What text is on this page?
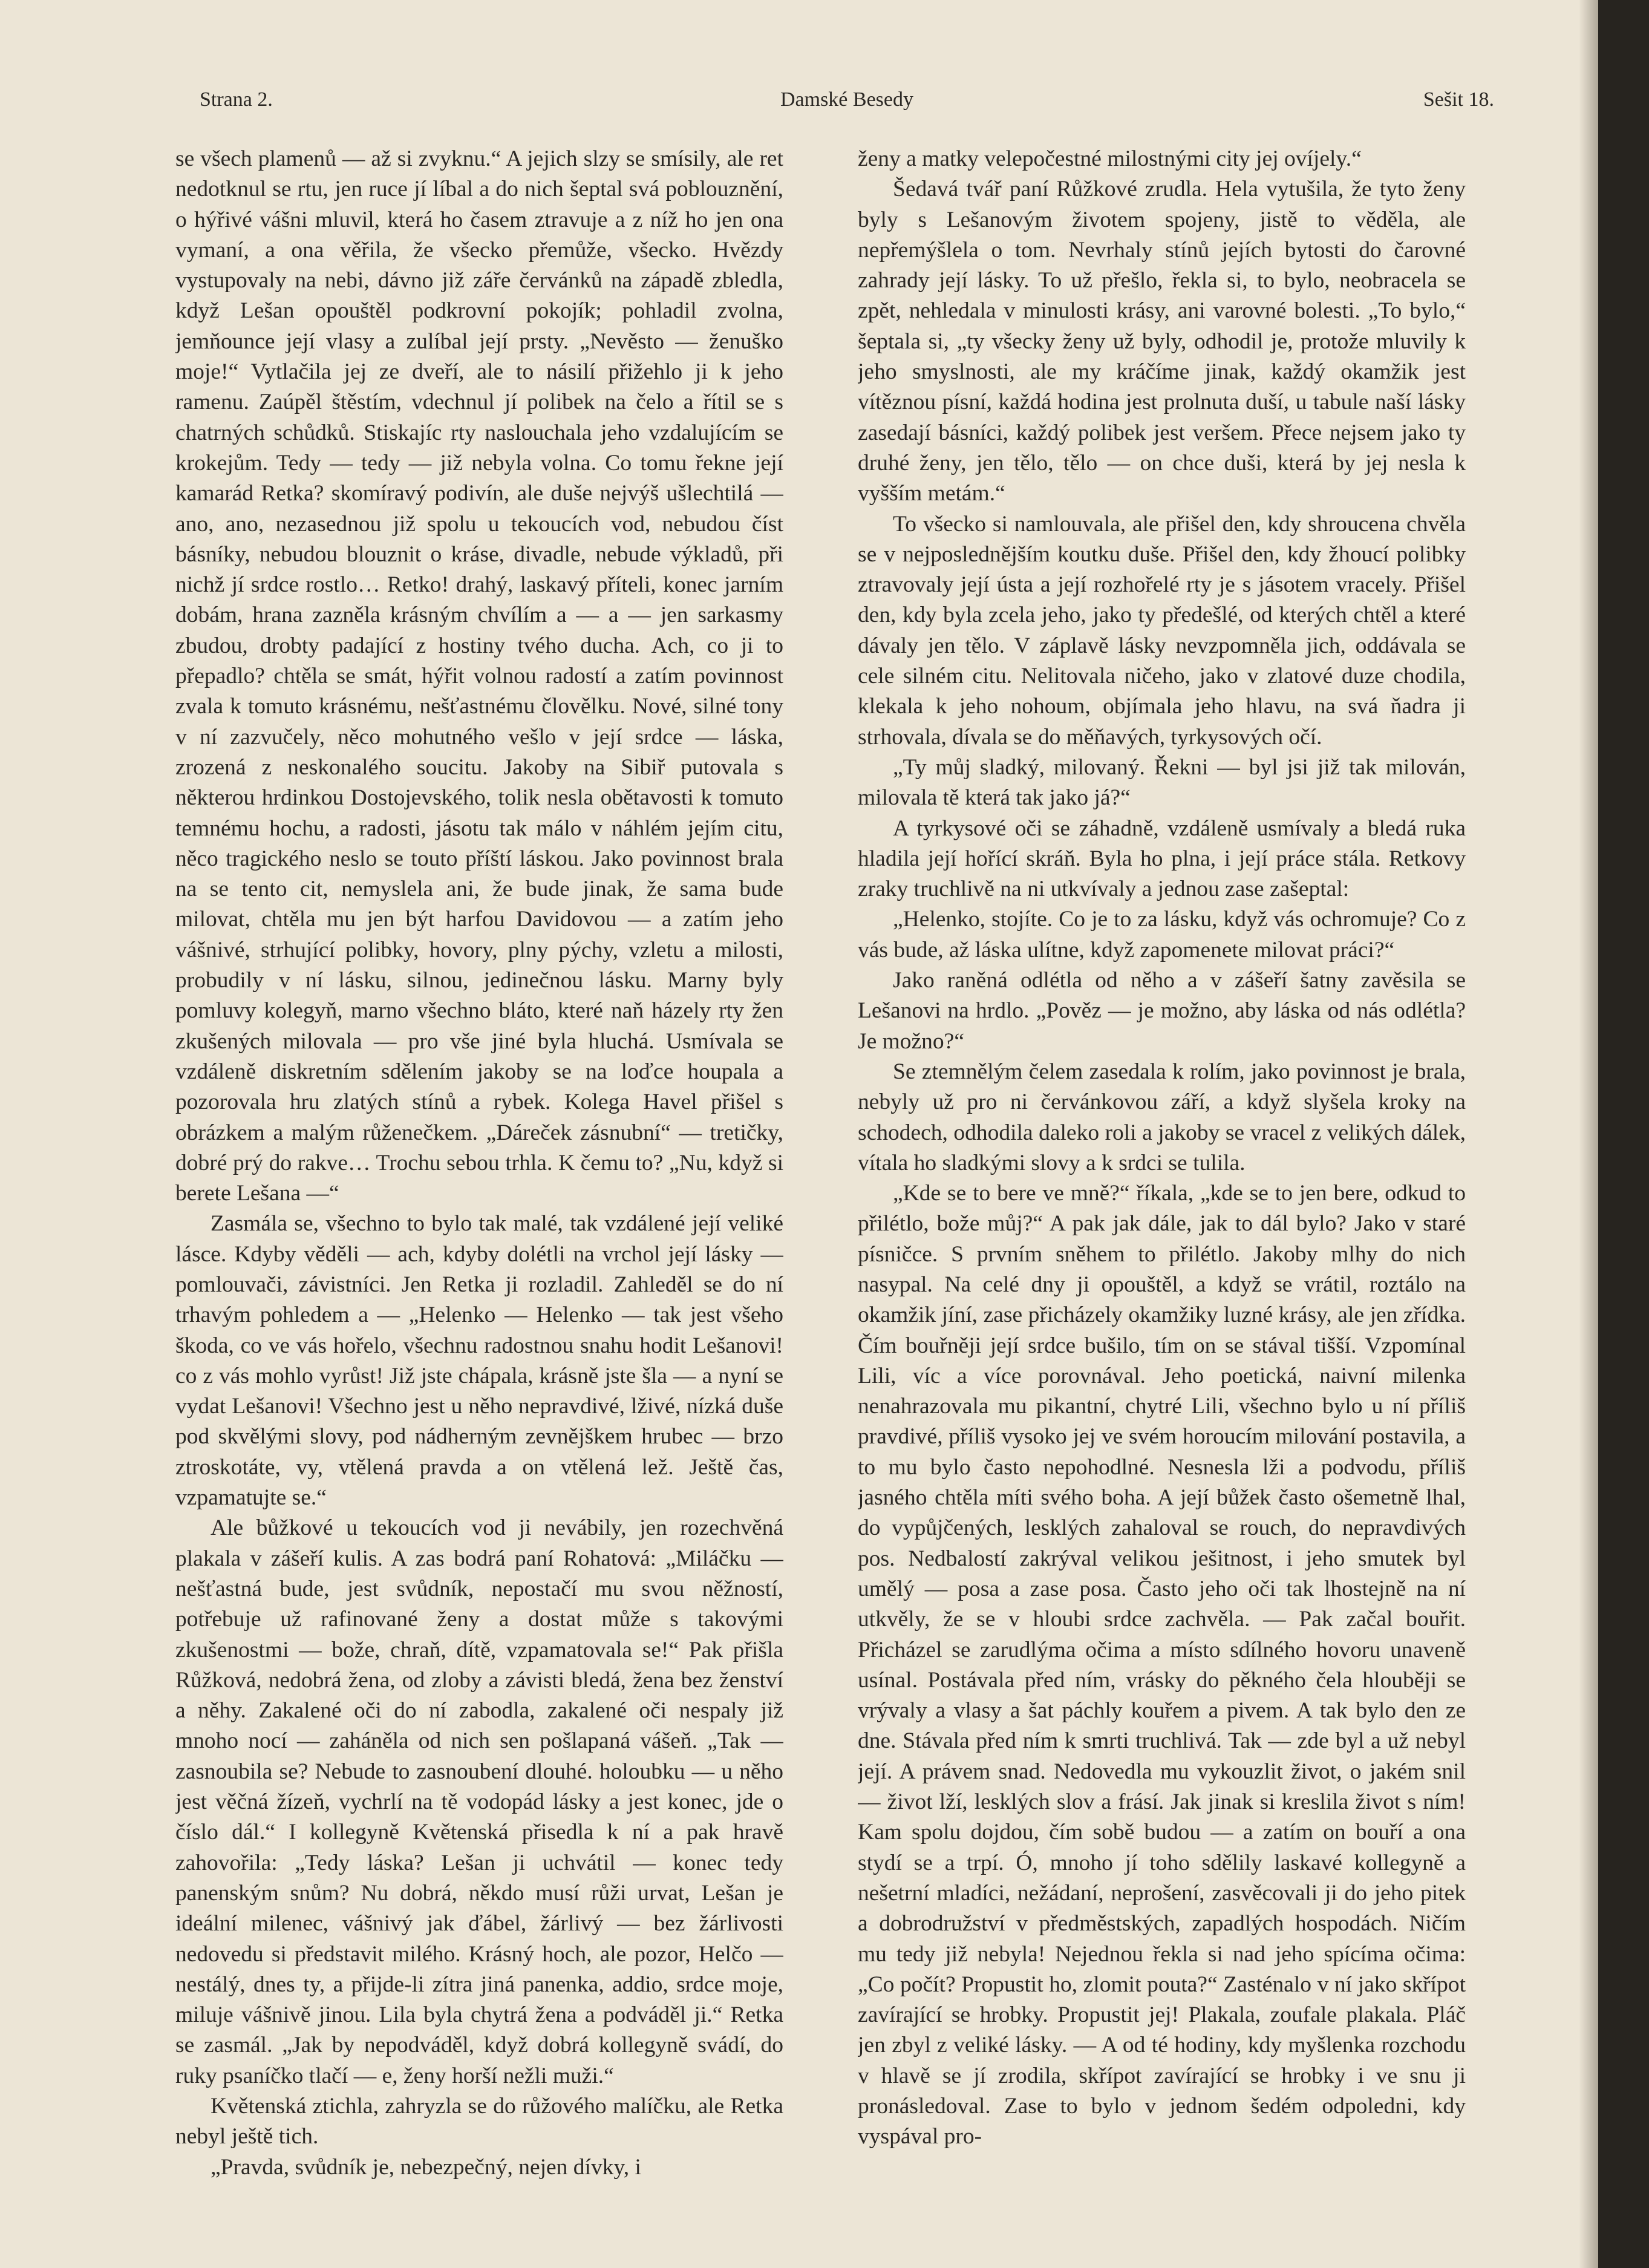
Strana 2.	Damské Besedy	Sešit 18.

se všech plamenů — až si zvyknu.“ A jejich slzy se smísily, ale ret nedotknul se rtu, jen ruce jí líbal a do nich šeptal svá poblouznění, o hýřivé vášni mluvil, která ho časem ztravuje a z níž ho jen ona vymaní, a ona věřila, že všecko přemůže, všecko. Hvězdy vystupovaly na nebi, dávno již záře červánků na západě zbledla, když Lešan opouštěl podkrovní pokojík; pohladil zvolna, jemňounce její vlasy a zulíbal její prsty. „Nevěsto — ženuško moje!“ Vytlačila jej ze dveří, ale to násilí přižehlo ji k jeho ramenu. Zaúpěl štěstím, vdechnul jí polibek na čelo a řítil se s chatrných schůdků. Stiskajíc rty naslouchala jeho vzdalujícím se krokejům. Tedy — tedy — již nebyla volna. Co tomu řekne její kamarád Retka? skomíravý podivín, ale duše nejvýš ušlechtilá — ano, ano, nezasednou již spolu u tekoucích vod, nebudou číst básníky, nebudou blouznit o kráse, divadle, nebude výkladů, při nichž jí srdce rostlo… Retko! drahý, laskavý příteli, konec jarním dobám, hrana zazněla krásným chvílím a — a — jen sarkasmy zbudou, drobty padající z hostiny tvého ducha. Ach, co ji to přepadlo? chtěla se smát, hýřit volnou radostí a zatím povinnost zvala k tomuto krásnému, nešťastnému človělku. Nové, silné tony v ní zazvučely, něco mohutného vešlo v její srdce — láska, zrozená z neskonalého soucitu. Jakoby na Sibiř putovala s některou hrdinkou Dostojevského, tolik nesla obětavosti k tomuto temnému hochu, a radosti, jásotu tak málo v náhlém jejím citu, něco tragického neslo se touto příští láskou. Jako povinnost brala na se tento cit, nemyslela ani, že bude jinak, že sama bude milovat, chtěla mu jen být harfou Davidovou — a zatím jeho vášnivé, strhující polibky, hovory, plny pýchy, vzletu a milosti, probudily v ní lásku, silnou, jedinečnou lásku. Marny byly pomluvy kolegyň, marno všechno bláto, které naň házely rty žen zkušených milovala — pro vše jiné byla hluchá. Usmívala se vzdáleně diskretním sdělením jakoby se na loďce houpala a pozorovala hru zlatých stínů a rybek. Kolega Havel přišel s obrázkem a malým růženečkem. „Dáreček zásnubní“ — tretičky, dobré prý do rakve… Trochu sebou trhla. K čemu to? „Nu, když si berete Lešana —“

Zasmála se, všechno to bylo tak malé, tak vzdálené její veliké lásce. Kdyby věděli — ach, kdyby dolétli na vrchol její lásky — pomlouvači, závistníci. Jen Retka ji rozladil. Zahleděl se do ní trhavým pohledem a — „Helenko — Helenko — tak jest všeho škoda, co ve vás hořelo, všechnu radostnou snahu hodit Lešanovi! co z vás mohlo vyrůst! Již jste chápala, krásně jste šla — a nyní se vydat Lešanovi! Všechno jest u něho nepravdivé, lživé, nízká duše pod skvělými slovy, pod nádherným zevnějškem hrubec — brzo ztroskotáte, vy, vtělená pravda a on vtělená lež. Ještě čas, vzpamatujte se.“

Ale bůžkové u tekoucích vod ji nevábily, jen rozechvěná plakala v zášeří kulis. A zas bodrá paní Rohatová: „Miláčku — nešťastná bude, jest svůdník, nepostačí mu svou něžností, potřebuje už rafinované ženy a dostat může s takovými zkušenostmi — bože, chraň, dítě, vzpamatovala se!“ Pak přišla Růžková, nedobrá žena, od zloby a závisti bledá, žena bez ženství a něhy. Zakalené oči do ní zabodla, zakalené oči nespaly již mnoho nocí — zaháněla od nich sen pošlapaná vášeň. „Tak — zasnoubila se? Nebude to zasnoubení dlouhé. holoubku — u něho jest věčná žízeň, vychrlí na tě vodopád lásky a jest konec, jde o číslo dál.“ I kollegyně Květenská přisedla k ní a pak hravě zahovořila: „Tedy láska? Lešan ji uchvátil — konec tedy panenským snům? Nu dobrá, někdo musí růži urvat, Lešan je ideální milenec, vášnivý jak ďábel, žárlivý — bez žárlivosti nedovedu si představit milého. Krásný hoch, ale pozor, Helčo — nestálý, dnes ty, a přijde-li zítra jiná panenka, addio, srdce moje, miluje vášnivě jinou. Lila byla chytrá žena a podváděl ji.“ Retka se zasmál. „Jak by nepodváděl, když dobrá kollegyně svádí, do ruky psaníčko tlačí — e, ženy horší nežli muži.“

Květenská ztichla, zahryzla se do růžového malíčku, ale Retka nebyl ještě tich.

„Pravda, svůdník je, nebezpečný, nejen dívky, i

ženy a matky velepočestné milostnými city jej ovíjely.“

Šedavá tvář paní Růžkové zrudla. Hela vytušila, že tyto ženy byly s Lešanovým životem spojeny, jistě to věděla, ale nepřemýšlela o tom. Nevrhaly stínů jejích bytosti do čarovné zahrady její lásky. To už přešlo, řekla si, to bylo, neobracela se zpět, nehledala v minulosti krásy, ani varovné bolesti. „To bylo,“ šeptala si, „ty všecky ženy už byly, odhodil je, protože mluvily k jeho smyslnosti, ale my kráčíme jinak, každý okamžik jest vítěznou písní, každá hodina jest prolnuta duší, u tabule naší lásky zasedají básníci, každý polibek jest veršem. Přece nejsem jako ty druhé ženy, jen tělo, tělo — on chce duši, která by jej nesla k vyšším metám.“

To všecko si namlouvala, ale přišel den, kdy shroucena chvěla se v nejposlednějším koutku duše. Přišel den, kdy žhoucí polibky ztravovaly její ústa a její rozhořelé rty je s jásotem vracely. Přišel den, kdy byla zcela jeho, jako ty předešlé, od kterých chtěl a které dávaly jen tělo. V záplavě lásky nevzpomněla jich, oddávala se cele silném citu. Nelitovala ničeho, jako v zlatové duze chodila, klekala k jeho nohoum, objímala jeho hlavu, na svá ňadra ji strhovala, dívala se do měňavých, tyrkysových očí.

„Ty můj sladký, milovaný. Řekni — byl jsi již tak milován, milovala tě která tak jako já?“

A tyrkysové oči se záhadně, vzdáleně usmívaly a bledá ruka hladila její hořící skráň. Byla ho plna, i její práce stála. Retkovy zraky truchlivě na ni utkvívaly a jednou zase zašeptal:

„Helenko, stojíte. Co je to za lásku, když vás ochromuje? Co z vás bude, až láska ulítne, když zapomenete milovat práci?“

Jako raněná odlétla od něho a v zášeří šatny zavěsila se Lešanovi na hrdlo. „Pověz — je možno, aby láska od nás odlétla? Je možno?“

Se ztemnělým čelem zasedala k rolím, jako povinnost je brala, nebyly už pro ni červánkovou září, a když slyšela kroky na schodech, odhodila daleko roli a jakoby se vracel z velikých dálek, vítala ho sladkými slovy a k srdci se tulila.

„Kde se to bere ve mně?“ říkala, „kde se to jen bere, odkud to přilétlo, bože můj?“ A pak jak dále, jak to dál bylo? Jako v staré písničce. S prvním sněhem to přilétlo. Jakoby mlhy do nich nasypal. Na celé dny ji opouštěl, a když se vrátil, roztálo na okamžik jíní, zase přicházely okamžiky luzné krásy, ale jen zřídka. Čím bouřněji její srdce bušilo, tím on se stával tišší. Vzpomínal Lili, víc a více porovnával. Jeho poetická, naivní milenka nenahrazovala mu pikantní, chytré Lili, všechno bylo u ní příliš pravdivé, příliš vysoko jej ve svém horoucím milování postavila, a to mu bylo často nepohodlné. Nesnesla lži a podvodu, příliš jasného chtěla míti svého boha. A její bůžek často ošemetně lhal, do vypůjčených, lesklých zahaloval se rouch, do nepravdivých pos. Nedbalostí zakrýval velikou ješitnost, i jeho smutek byl umělý — posa a zase posa. Často jeho oči tak lhostejně na ní utkvěly, že se v hloubi srdce zachvěla. — Pak začal bouřit. Přicházel se zarudlýma očima a místo sdílného hovoru unaveně usínal. Postávala před ním, vrásky do pěkného čela hlouběji se vrývaly a vlasy a šat páchly kouřem a pivem. A tak bylo den ze dne. Stávala před ním k smrti truchlivá. Tak — zde byl a už nebyl její. A právem snad. Nedovedla mu vykouzlit život, o jakém snil — život lží, lesklých slov a frásí. Jak jinak si kreslila život s ním! Kam spolu dojdou, čím sobě budou — a zatím on bouří a ona stydí se a trpí. Ó, mnoho jí toho sdělily laskavé kollegyně a nešetrní mladíci, nežádaní, neprošení, zasvěcovali ji do jeho pitek a dobrodružství v předměstských, zapadlých hospodách. Ničím mu tedy již nebyla! Nejednou řekla si nad jeho spícíma očima: „Co počít? Propustit ho, zlomit pouta?“ Zasténalo v ní jako skřípot zavírající se hrobky. Propustit jej! Plakala, zoufale plakala. Pláč jen zbyl z veliké lásky. — A od té hodiny, kdy myšlenka rozchodu v hlavě se jí zrodila, skřípot zavírající se hrobky i ve snu ji pronásledoval. Zase to bylo v jednom šedém odpoledni, kdy vyspával pro-
